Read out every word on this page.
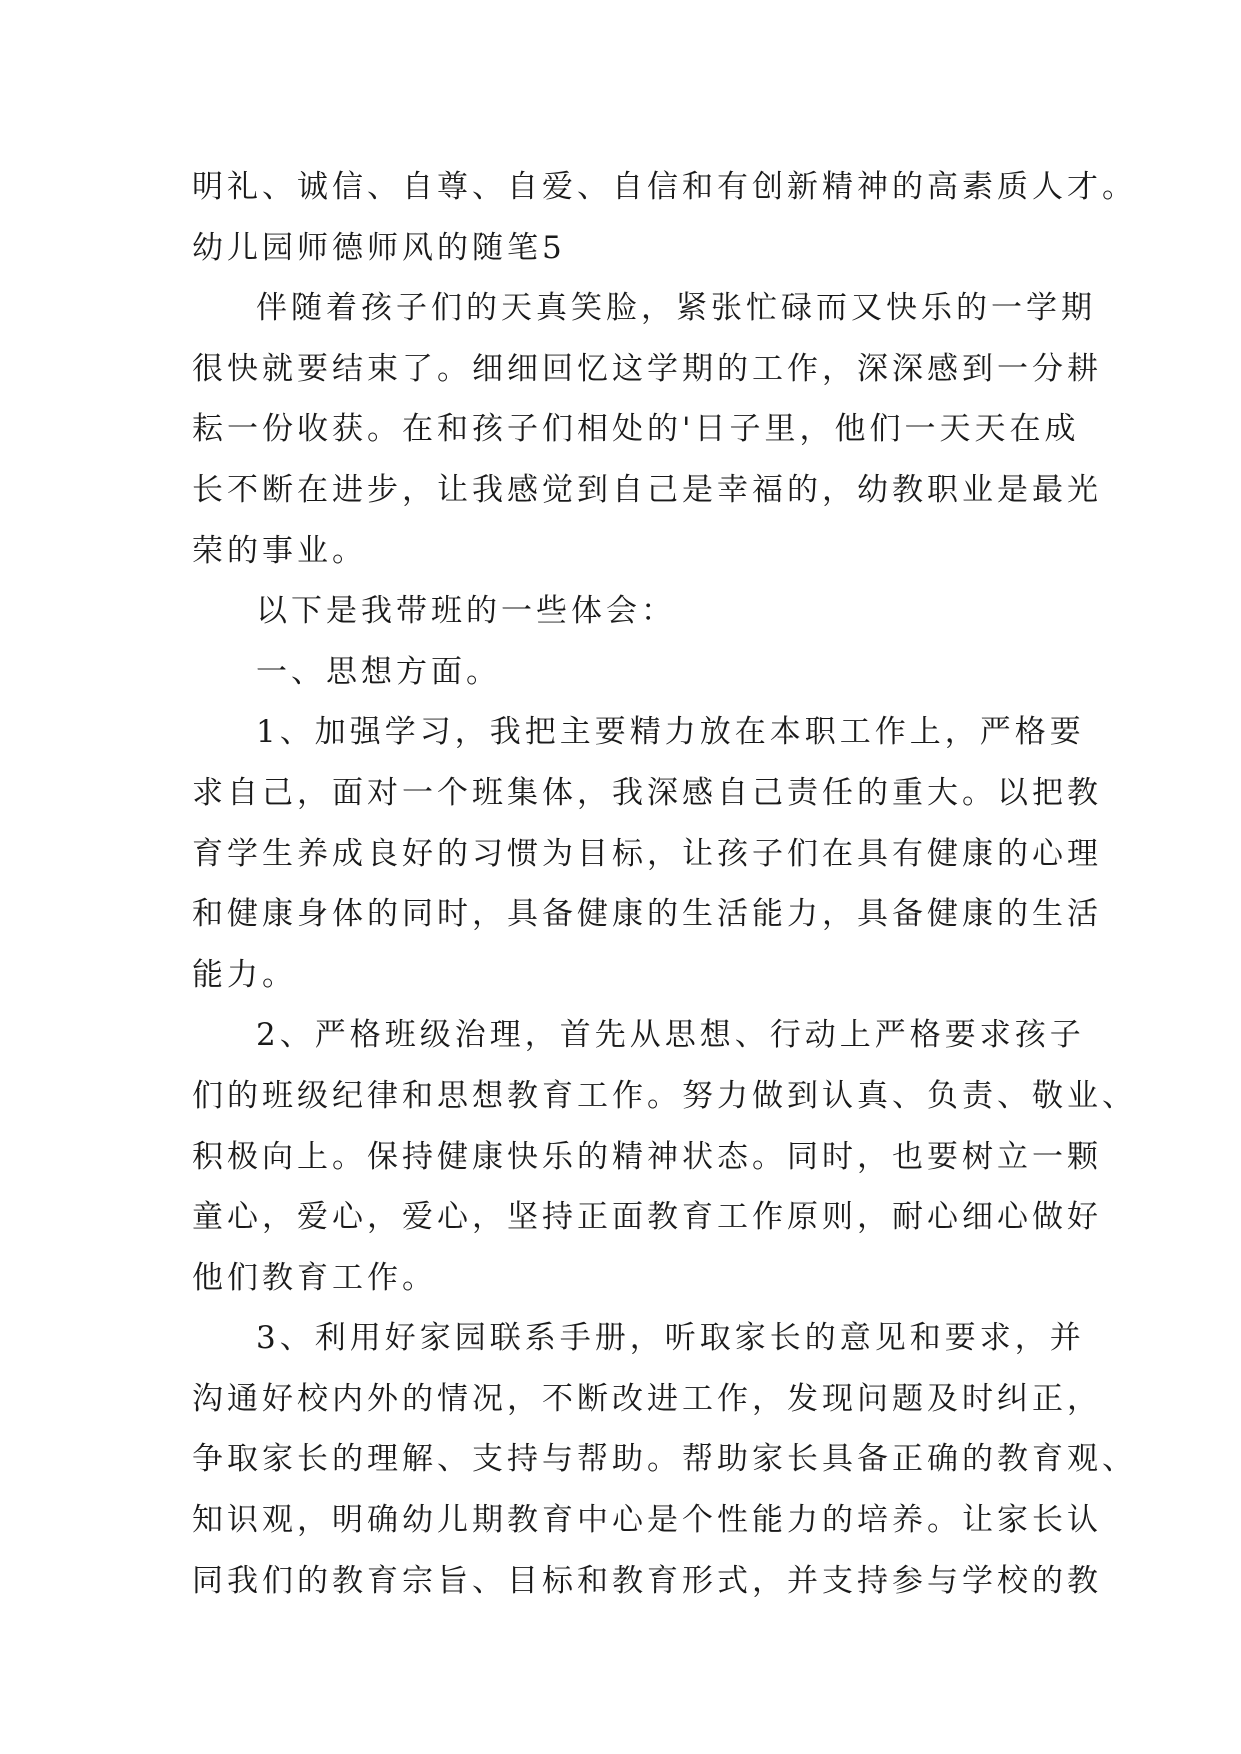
明礼、诚信、自尊、自爱、自信和有创新精神的高素质人才。
幼儿园师德师风的随笔5
伴随着孩子们的天真笑脸，紧张忙碌而又快乐的一学期
很快就要结束了。细细回忆这学期的工作，深深感到一分耕
耘一份收获。在和孩子们相处的'日子里，他们一天天在成
长不断在进步，让我感觉到自己是幸福的，幼教职业是最光
荣的事业。
以下是我带班的一些体会：
一、思想方面。
1、加强学习，我把主要精力放在本职工作上，严格要
求自己，面对一个班集体，我深感自己责任的重大。以把教
育学生养成良好的习惯为目标，让孩子们在具有健康的心理
和健康身体的同时，具备健康的生活能力，具备健康的生活
能力。
2、严格班级治理，首先从思想、行动上严格要求孩子
们的班级纪律和思想教育工作。努力做到认真、负责、敬业、
积极向上。保持健康快乐的精神状态。同时，也要树立一颗
童心，爱心，爱心，坚持正面教育工作原则，耐心细心做好
他们教育工作。
3、利用好家园联系手册，听取家长的意见和要求，并
沟通好校内外的情况，不断改进工作，发现问题及时纠正，
争取家长的理解、支持与帮助。帮助家长具备正确的教育观、
知识观，明确幼儿期教育中心是个性能力的培养。让家长认
同我们的教育宗旨、目标和教育形式，并支持参与学校的教
